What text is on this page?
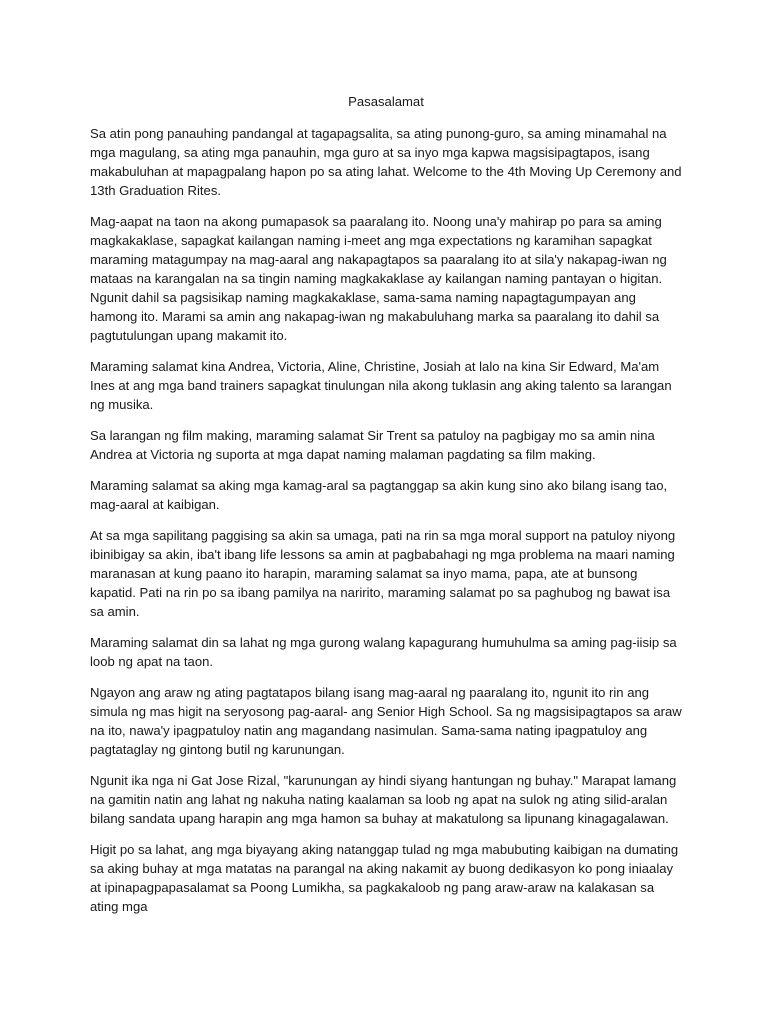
Pasasalamat

Sa atin pong panauhing pandangal at tagapagsalita, sa ating punong-guro, sa aming minamahal na mga magulang, sa ating mga panauhin, mga guro at sa inyo mga kapwa magsisipagtapos, isang makabuluhan at mapagpalang hapon po sa ating lahat. Welcome to the 4th Moving Up Ceremony and 13th Graduation Rites.

Mag-aapat na taon na akong pumapasok sa paaralang ito. Noong una'y mahirap po para sa aming magkakaklase, sapagkat kailangan naming i-meet ang mga expectations ng karamihan sapagkat maraming matagumpay na mag-aaral ang nakapagtapos sa paaralang ito at sila'y nakapag-iwan ng mataas na karangalan na sa tingin naming magkakaklase ay kailangan naming pantayan o higitan. Ngunit dahil sa pagsisikap naming magkakaklase, sama-sama naming napagtagumpayan ang hamong ito. Marami sa amin ang nakapag-iwan ng makabuluhang marka sa paaralang ito dahil sa pagtutulungan upang makamit ito.

Maraming salamat kina Andrea, Victoria, Aline, Christine, Josiah at lalo na kina Sir Edward, Ma'am Ines at ang mga band trainers sapagkat tinulungan nila akong tuklasin ang aking talento sa larangan ng musika.

Sa larangan ng film making, maraming salamat Sir Trent sa patuloy na pagbigay mo sa amin nina Andrea at Victoria ng suporta at mga dapat naming malaman pagdating sa film making.

Maraming salamat sa aking mga kamag-aral sa pagtanggap sa akin kung sino ako bilang isang tao, mag-aaral at kaibigan.

At sa mga sapilitang paggising sa akin sa umaga, pati na rin sa mga moral support na patuloy niyong ibinibigay sa akin, iba't ibang life lessons sa amin at pagbabahagi ng mga problema na maari naming maranasan at kung paano ito harapin, maraming salamat sa inyo mama, papa, ate at bunsong kapatid. Pati na rin po sa ibang pamilya na naririto, maraming salamat po sa paghubog ng bawat isa sa amin.

Maraming salamat din sa lahat ng mga gurong walang kapagurang humuhulma sa aming pag-iisip sa loob ng apat na taon.

Ngayon ang araw ng ating pagtatapos bilang isang mag-aaral ng paaralang ito, ngunit ito rin ang simula ng mas higit na seryosong pag-aaral- ang Senior High School. Sa ng magsisipagtapos sa araw na ito, nawa'y ipagpatuloy natin ang magandang nasimulan. Sama-sama nating ipagpatuloy ang pagtataglay ng gintong butil ng karunungan.

Ngunit ika nga ni Gat Jose Rizal, "karunungan ay hindi siyang hantungan ng buhay." Marapat lamang na gamitin natin ang lahat ng nakuha nating kaalaman sa loob ng apat na sulok ng ating silid-aralan bilang sandata upang harapin ang mga hamon sa buhay at makatulong sa lipunang kinagagalawan.

Higit po sa lahat, ang mga biyayang aking natanggap tulad ng mga mabubuting kaibigan na dumating sa aking buhay at mga matatas na parangal na aking nakamit ay buong dedikasyon ko pong iniaalay at ipinapagpapasalamat sa Poong Lumikha, sa pagkakaloob ng pang araw-araw na kalakasan sa ating mga
